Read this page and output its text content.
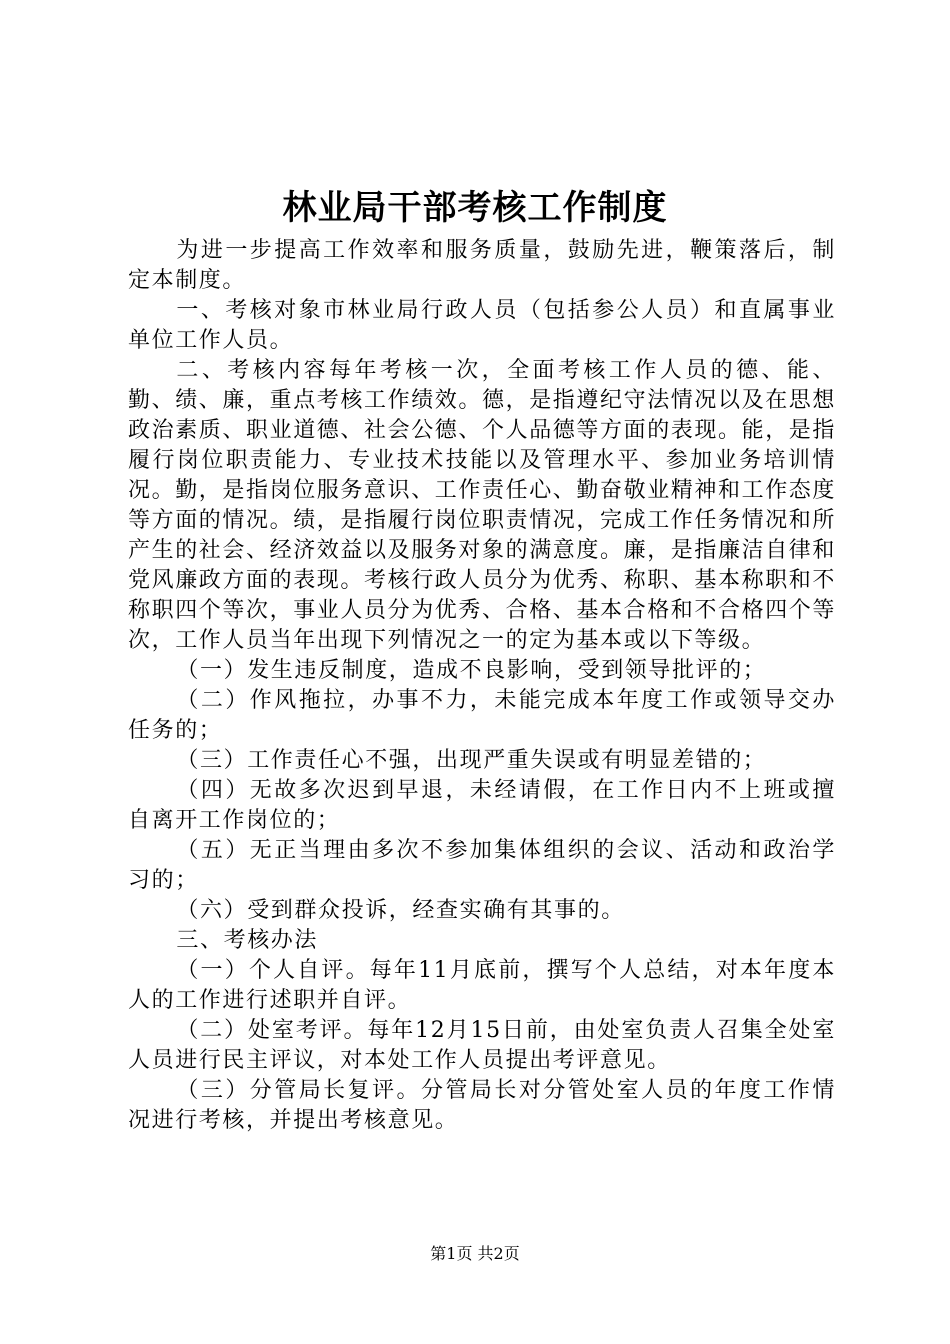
林业局干部考核工作制度

为进一步提高工作效率和服务质量，鼓励先进，鞭策落后，制定本制度。

一、考核对象市林业局行政人员（包括参公人员）和直属事业单位工作人员。

二、考核内容每年考核一次，全面考核工作人员的德、能、勤、绩、廉，重点考核工作绩效。德，是指遵纪守法情况以及在思想政治素质、职业道德、社会公德、个人品德等方面的表现。能，是指履行岗位职责能力、专业技术技能以及管理水平、参加业务培训情况。勤，是指岗位服务意识、工作责任心、勤奋敬业精神和工作态度等方面的情况。绩，是指履行岗位职责情况，完成工作任务情况和所产生的社会、经济效益以及服务对象的满意度。廉，是指廉洁自律和党风廉政方面的表现。考核行政人员分为优秀、称职、基本称职和不称职四个等次，事业人员分为优秀、合格、基本合格和不合格四个等次，工作人员当年出现下列情况之一的定为基本或以下等级。

（一）发生违反制度，造成不良影响，受到领导批评的；

（二）作风拖拉，办事不力，未能完成本年度工作或领导交办任务的；

（三）工作责任心不强，出现严重失误或有明显差错的；

（四）无故多次迟到早退，未经请假，在工作日内不上班或擅自离开工作岗位的；

（五）无正当理由多次不参加集体组织的会议、活动和政治学习的；

（六）受到群众投诉，经查实确有其事的。

三、考核办法

（一）个人自评。每年11月底前，撰写个人总结，对本年度本人的工作进行述职并自评。

（二）处室考评。每年12月15日前，由处室负责人召集全处室人员进行民主评议，对本处工作人员提出考评意见。

（三）分管局长复评。分管局长对分管处室人员的年度工作情况进行考核，并提出考核意见。

第1页 共2页
